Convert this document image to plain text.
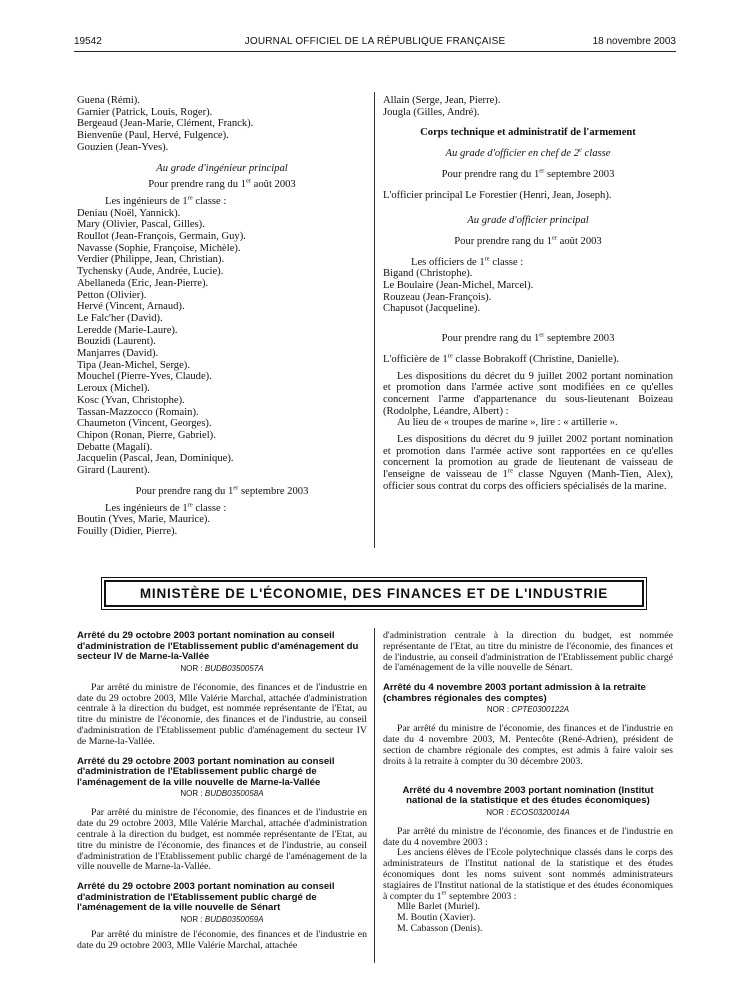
19542	JOURNAL OFFICIEL DE LA RÉPUBLIQUE FRANÇAISE	18 novembre 2003
Guena (Rémi).
Garnier (Patrick, Louis, Roger).
Bergeaud (Jean-Marie, Clément, Franck).
Bienvenüe (Paul, Hervé, Fulgence).
Gouzien (Jean-Yves).
Au grade d'ingénieur principal
Pour prendre rang du 1er août 2003
Les ingénieurs de 1re classe :
Deniau (Noël, Yannick).
Mary (Olivier, Pascal, Gilles).
Roullot (Jean-François, Germain, Guy).
Navasse (Sophie, Françoise, Michèle).
Verdier (Philippe, Jean, Christian).
Tychensky (Aude, Andrée, Lucie).
Abellaneda (Eric, Jean-Pierre).
Petton (Olivier).
Hervé (Vincent, Arnaud).
Le Falc'her (David).
Leredde (Marie-Laure).
Bouzidi (Laurent).
Manjarres (David).
Tipa (Jean-Michel, Serge).
Mouchel (Pierre-Yves, Claude).
Leroux (Michel).
Kosc (Yvan, Christophe).
Tassan-Mazzocco (Romain).
Chaumeton (Vincent, Georges).
Chipon (Ronan, Pierre, Gabriel).
Debatte (Magali).
Jacquelin (Pascal, Jean, Dominique).
Girard (Laurent).
Pour prendre rang du 1er septembre 2003
Les ingénieurs de 1re classe :
Boutin (Yves, Marie, Maurice).
Fouilly (Didier, Pierre).
Allain (Serge, Jean, Pierre).
Jougla (Gilles, André).
Corps technique et administratif de l'armement
Au grade d'officier en chef de 2e classe
Pour prendre rang du 1er septembre 2003
L'officier principal Le Forestier (Henri, Jean, Joseph).
Au grade d'officier principal
Pour prendre rang du 1er août 2003
Les officiers de 1re classe :
Bigand (Christophe).
Le Boulaire (Jean-Michel, Marcel).
Rouzeau (Jean-François).
Chapusot (Jacqueline).
Pour prendre rang du 1er septembre 2003
L'officière de 1re classe Bobrakoff (Christine, Danielle).
Les dispositions du décret du 9 juillet 2002 portant nomination et promotion dans l'armée active sont modifiées en ce qu'elles concernent l'arme d'appartenance du sous-lieutenant Boizeau (Rodolphe, Léandre, Albert) :
Au lieu de « troupes de marine », lire : « artillerie ».
Les dispositions du décret du 9 juillet 2002 portant nomination et promotion dans l'armée active sont rapportées en ce qu'elles concernent la promotion au grade de lieutenant de vaisseau de l'enseigne de vaisseau de 1re classe Nguyen (Manh-Tien, Alex), officier sous contrat du corps des officiers spécialisés de la marine.
MINISTÈRE DE L'ÉCONOMIE, DES FINANCES ET DE L'INDUSTRIE
Arrêté du 29 octobre 2003 portant nomination au conseil d'administration de l'Etablissement public d'aménagement du secteur IV de Marne-la-Vallée
NOR : BUDB0350057A
Par arrêté du ministre de l'économie, des finances et de l'industrie en date du 29 octobre 2003, Mlle Valérie Marchal, attachée d'administration centrale à la direction du budget, est nommée représentante de l'Etat, au titre du ministre de l'économie, des finances et de l'industrie, au conseil d'administration de l'Etablissement public d'aménagement du secteur IV de Marne-la-Vallée.
Arrêté du 29 octobre 2003 portant nomination au conseil d'administration de l'Etablissement public chargé de l'aménagement de la ville nouvelle de Marne-la-Vallée
NOR : BUDB0350058A
Par arrêté du ministre de l'économie, des finances et de l'industrie en date du 29 octobre 2003, Mlle Valérie Marchal, attachée d'administration centrale à la direction du budget, est nommée représentante de l'Etat, au titre du ministre de l'économie, des finances et de l'industrie, au conseil d'administration de l'Etablissement public chargé de l'aménagement de la ville nouvelle de Marne-la-Vallée.
Arrêté du 29 octobre 2003 portant nomination au conseil d'administration de l'Etablissement public chargé de l'aménagement de la ville nouvelle de Sénart
NOR : BUDB0350059A
Par arrêté du ministre de l'économie, des finances et de l'industrie en date du 29 octobre 2003, Mlle Valérie Marchal, attachée
d'administration centrale à la direction du budget, est nommée représentante de l'Etat, au titre du ministre de l'économie, des finances et de l'industrie, au conseil d'administration de l'Etablissement public chargé de l'aménagement de la ville nouvelle de Sénart.
Arrêté du 4 novembre 2003 portant admission à la retraite (chambres régionales des comptes)
NOR : CPTE0300122A
Par arrêté du ministre de l'économie, des finances et de l'industrie en date du 4 novembre 2003, M. Pentecôte (René-Adrien), président de section de chambre régionale des comptes, est admis à faire valoir ses droits à la retraite à compter du 30 décembre 2003.
Arrêté du 4 novembre 2003 portant nomination (Institut national de la statistique et des études économiques)
NOR : ECOS0320014A
Par arrêté du ministre de l'économie, des finances et de l'industrie en date du 4 novembre 2003 :
Les anciens élèves de l'Ecole polytechnique classés dans le corps des administrateurs de l'Institut national de la statistique et des études économiques dont les noms suivent sont nommés administrateurs stagiaires de l'Institut national de la statistique et des études économiques à compter du 1er septembre 2003 :
Mlle Barlet (Muriel).
M. Boutin (Xavier).
M. Cabasson (Denis).
